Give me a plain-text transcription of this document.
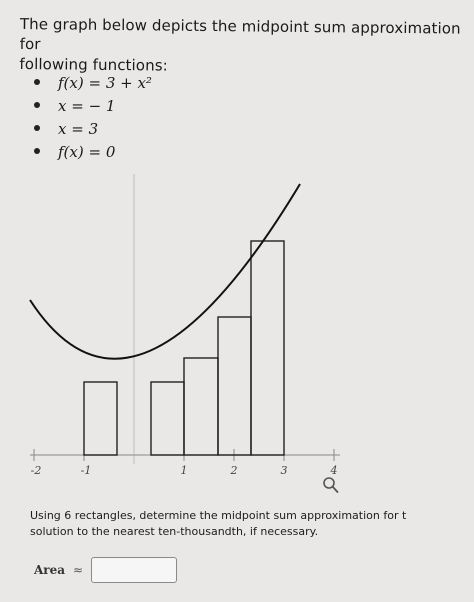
The graph below depicts the midpoint sum approximation for
following functions:
f(x) = 3 + x²
x = − 1
x = 3
f(x) = 0
-2	-1	1	2	3	4
Using 6 rectangles, determine the midpoint sum approximation for t
solution to the nearest ten-thousandth, if necessary.
Area ≈
